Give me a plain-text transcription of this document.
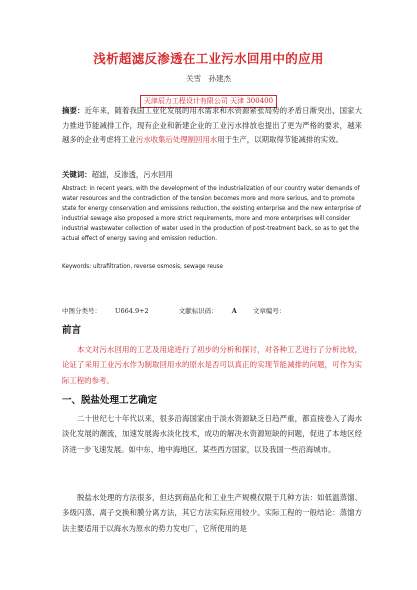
浅析超滤反渗透在工业污水回用中的应用
关雪　孙建杰
天津辰力工程设计有限公司 天津 300400
摘要：近年来，随着我国工业化发展的用水需求和水资源紧张局势的矛盾日渐突出，国家大力推进节能减排工作，现有企业和新建企业的工业污水排放也提出了更为严格的要求，越来越多的企业考虑将工业污水收集后处理制回用水用于生产，以期取得节能减排的实效。
关键词：超滤，反渗透，污水回用
Abstract: in recent years, with the development of the industrialization of our country water demands of water resources and the contradiction of the tension becomes more and more serious, and to promote state for energy conservation and emissions reduction, the existing enterprise and the new enterprise of industrial sewage also proposed a more strict requirements, more and more enterprises will consider industrial wastewater collection of water used in the production of post-treatment back, so as to get the actual effect of energy saving and emission reduction.
Keywords: ultrafiltration, reverse osmosis, sewage reuse
中图分类号： U664.9+2	文献标识码： A 文章编号：
前言
本文对污水回用的工艺及用途进行了初步的分析和探讨，对各种工艺进行了分析比较，论证了采用工业污水作为制取回用水的原水是否可以真正的实现节能减排的问题，可作为实际工程的参考。
一、脱盐处理工艺确定
二十世纪七十年代以来，很多沿海国家由于淡水资源缺乏日趋严重，都直接卷入了海水淡化发展的潮流，加速发展海水淡化技术，成功的解决水资源短缺的问题，促进了本地区经济进一步飞速发展。如中东、地中海地区、某些西方国家，以及我国一些沿海城市。
脱盐水处理的方法很多，但达到商品化和工业生产规模仅限于几种方法：如低温蒸馏、多级闪蒸、离子交换和膜分离方法，其它方法实际应用较少。实际工程的一般结论：蒸馏方法主要适用于以海水为原水的势力发电厂，它所使用的是
